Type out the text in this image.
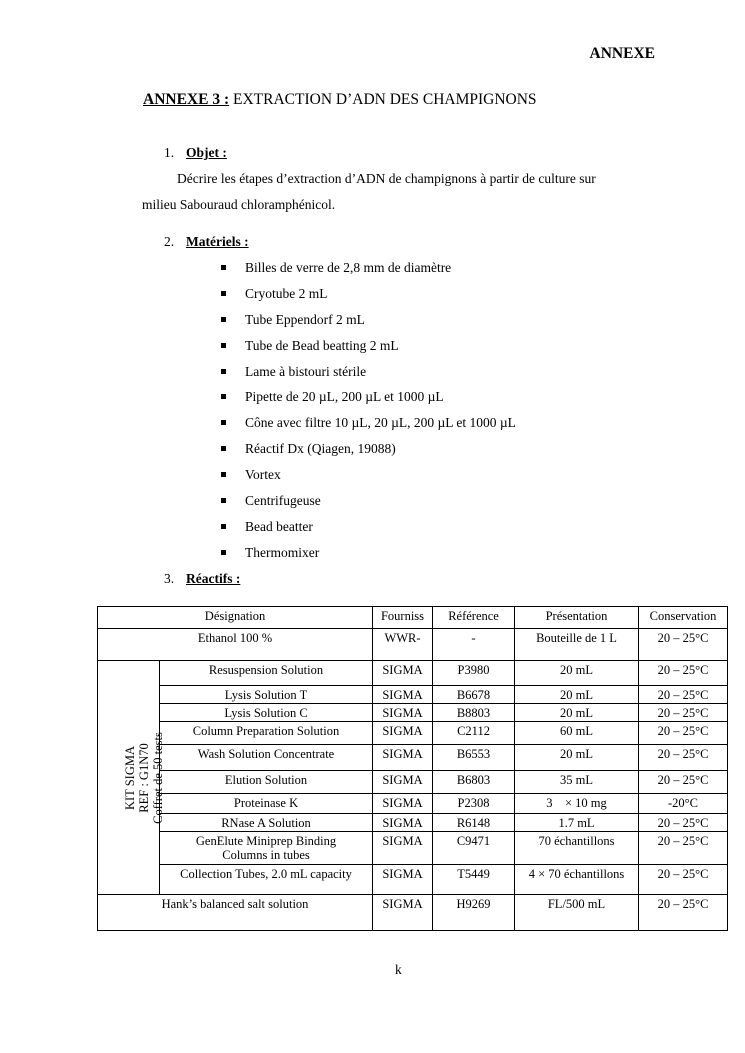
ANNEXE
ANNEXE 3 : EXTRACTION D’ADN DES CHAMPIGNONS
1. Objet :
Décrire les étapes d’extraction d’ADN de champignons à partir de culture sur
milieu Sabouraud chloramphénicol.
2. Matériels :
Billes de verre de 2,8 mm de diamètre
Cryotube 2 mL
Tube Eppendorf 2 mL
Tube de Bead beatting 2 mL
Lame à bistouri stérile
Pipette de 20 µL, 200 µL et 1000 µL
Cône avec filtre 10 µL, 20 µL, 200 µL et 1000 µL
Réactif Dx (Qiagen, 19088)
Vortex
Centrifugeuse
Bead beatter
Thermomixer
3. Réactifs :
Désignation		Fourniss	Référence	Présentation	Conservation
Ethanol 100 %		WWR-	-	Bouteille de 1 L	20 – 25°C

KIT SIGMA REF : G1N70 Coffret de 50 tests	Resuspension Solution	SIGMA	P3980	20 mL	20 – 25°C
	Lysis Solution T	SIGMA	B6678	20 mL	20 – 25°C
	Lysis Solution C	SIGMA	B8803	20 mL	20 – 25°C
	Column Preparation Solution	SIGMA	C2112	60 mL	20 – 25°C
	Wash Solution Concentrate	SIGMA	B6553	20 mL	20 – 25°C
	Elution Solution	SIGMA	B6803	35 mL	20 – 25°C
	Proteinase K	SIGMA	P2308	3    × 10 mg	-20°C
	RNase A Solution	SIGMA	R6148	1.7 mL	20 – 25°C
	GenElute Miniprep Binding Columns in tubes	SIGMA	C9471	70 échantillons	20 – 25°C
	Collection Tubes, 2.0 mL capacity	SIGMA	T5449	4 × 70 échantillons	20 – 25°C
Hank’s balanced salt solution		SIGMA	H9269	FL/500 mL	20 – 25°C
k
